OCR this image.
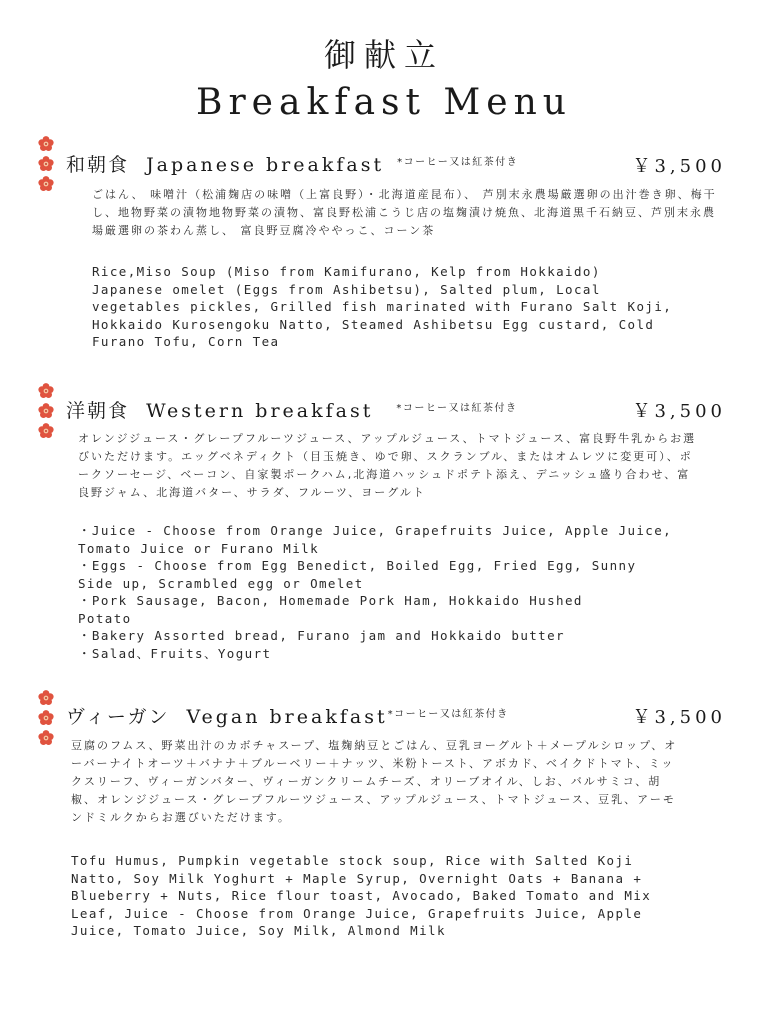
御献立
Breakfast Menu
和朝食 Japanese breakfast $^{*コーヒー又は紅茶付き}$	￥3,500
ごはん、 味噌汁（松浦麹店の味噌（上富良野）・北海道産昆布）、 芦別末永農場厳選卵の出汁巻き卵、梅干し、地物野菜の漬物地物野菜の漬物、富良野松浦こうじ店の塩麹漬け焼魚、北海道黒千石納豆、芦別末永農場厳選卵の茶わん蒸し、 富良野豆腐冷ややっこ、コーン茶
Rice,Miso Soup (Miso from Kamifurano, Kelp from Hokkaido)
Japanese omelet (Eggs from Ashibetsu), Salted plum, Local
vegetables pickles, Grilled fish marinated with Furano Salt Koji,
Hokkaido Kurosengoku Natto, Steamed Ashibetsu Egg custard, Cold
Furano Tofu, Corn Tea
洋朝食 Western breakfast $^{*コーヒー又は紅茶付き}$	￥3,500
オレンジジュース・グレープフルーツジュース、アップルジュース、トマトジュース、富良野牛乳からお選びいただけます。エッグベネディクト（目玉焼き、ゆで卵、スクランブル、またはオムレツに変更可）、ポークソーセージ、ベーコン、自家製ポークハム,北海道ハッシュドポテト添え、デニッシュ盛り合わせ、富良野ジャム、北海道バター、サラダ、フルーツ、ヨーグルト
・Juice - Choose from Orange Juice, Grapefruits Juice, Apple Juice,
Tomato Juice or Furano Milk
・Eggs - Choose from Egg Benedict, Boiled Egg, Fried Egg, Sunny
Side up, Scrambled egg or Omelet
・Pork Sausage, Bacon, Homemade Pork Ham, Hokkaido Hushed
Potato
・Bakery Assorted bread, Furano jam and Hokkaido butter
・Salad、Fruits、Yogurt
ヴィーガン Vegan breakfast$^{*コーヒー又は紅茶付き}$	￥3,500
豆腐のフムス、野菜出汁のカボチャスープ、塩麹納豆とごはん、豆乳ヨーグルト＋メープルシロップ、オーバーナイトオーツ＋バナナ＋ブルーベリー＋ナッツ、米粉トースト、アボカド、ベイクドトマト、ミックスリーフ、ヴィーガンバター、ヴィーガンクリームチーズ、オリーブオイル、しお、バルサミコ、胡椒、オレンジジュース・グレープフルーツジュース、アップルジュース、トマトジュース、豆乳、アーモンドミルクからお選びいただけます。
Tofu Humus, Pumpkin vegetable stock soup, Rice with Salted Koji
Natto, Soy Milk Yoghurt + Maple Syrup, Overnight Oats + Banana +
Blueberry + Nuts, Rice flour toast, Avocado, Baked Tomato and Mix
Leaf, Juice - Choose from Orange Juice, Grapefruits Juice, Apple
Juice, Tomato Juice, Soy Milk, Almond Milk
